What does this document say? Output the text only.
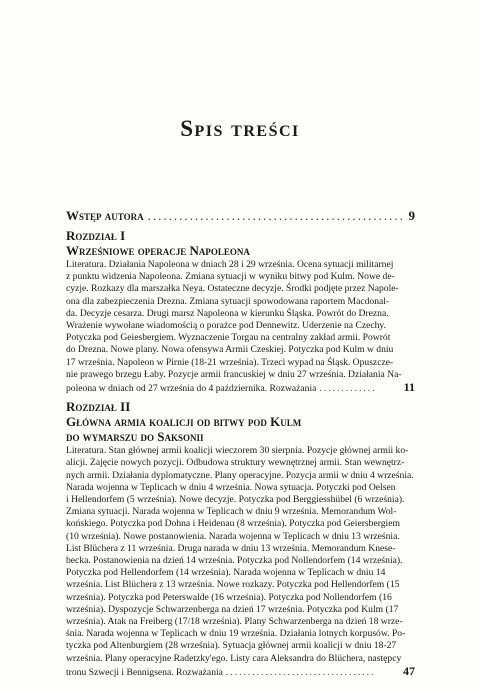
Spis treści
Wstęp autora .....	9
Rozdział I
Wrześniowe operacje Napoleona
Literatura. Działania Napoleona w dniach 28 i 29 września. Ocena sytuacji militarnej
z punktu widzenia Napoleona. Zmiana sytuacji w wyniku bitwy pod Kulm. Nowe de-
cyzje. Rozkazy dla marszałka Neya. Ostateczne decyzje. Środki podjęte przez Napole-
ona dla zabezpieczenia Drezna. Zmiana sytuacji spowodowana raportem Macdonal-
da. Decyzje cesarza. Drugi marsz Napoleona w kierunku Śląska. Powrót do Drezna.
Wrażenie wywołane wiadomością o porażce pod Dennewitz. Uderzenie na Czechy.
Potyczka pod Geiesbergiem. Wyznaczenie Torgau na centralny zakład armii. Powrót
do Drezna. Nowe plany. Nowa ofensywa Armii Czeskiej. Potyczka pod Kulm w dniu
17 września. Napoleon w Pirnie (18-21 września). Trzeci wypad na Śląsk. Opuszcze-
nie prawego brzegu Łaby. Pozycje armii francuskiej w dniu 27 września. Działania Na-
poleona w dniach od 27 września do 4 października. Rozważania .....	11
Rozdział II
Główna armia koalicji od bitwy pod Kulm
do wymarszu do Saksonii
Literatura. Stan głównej armii koalicji wieczorem 30 sierpnia. Pozycje głównej armii ko-
alicji. Zajęcie nowych pozycji. Odbudowa struktury wewnętrznej armii. Stan wewnętrz-
nych armii. Działania dyplomatyczne. Plany operacyjne. Pozycja armii w dniu 4 września.
Narada wojenna w Teplicach w dniu 4 września. Nowa sytuacja. Potyczki pod Oelsen
i Hellendorfem (5 września). Nowe decyzje. Potyczka pod Berggiesshübel (6 września).
Zmiana sytuacji. Narada wojenna w Teplicach w dniu 9 września. Memorandum Wol-
końskiego. Potyczka pod Dohna i Heidenau (8 września). Potyczka pod Geiersbergiem
(10 września). Nowe postanowienia. Narada wojenna w Teplicach w dniu 13 września.
List Blüchera z 11 września. Druga narada w dniu 13 września. Memorandum Knese-
becka. Postanowienia na dzień 14 września. Potyczka pod Nollendorfem (14 września).
Potyczka pod Hellendorfem (14 września). Narada wojenna w Teplicach w dniu 14
września. List Blüchera z 13 września. Nowe rozkazy. Potyczka pod Hellendorfem (15
września). Potyczka pod Peterswalde (16 września). Potyczka pod Nollendorfem (16
września). Dyspozycje Schwarzenberga na dzień 17 września. Potyczka pod Kulm (17
września). Atak na Freiberg (17/18 września). Plany Schwarzenberga na dzień 18 wrze-
śnia. Narada wojenna w Teplicach w dniu 19 września. Działania lotnych korpusów. Po-
tyczka pod Altenburgiem (28 września). Sytuacja głównej armii koalicji w dniu 18-27
września. Plany operacyjne Radetzky'ego. Listy cara Aleksandra do Blüchera, następcy
tronu Szwecji i Bennigsena. Rozważania .....	47
